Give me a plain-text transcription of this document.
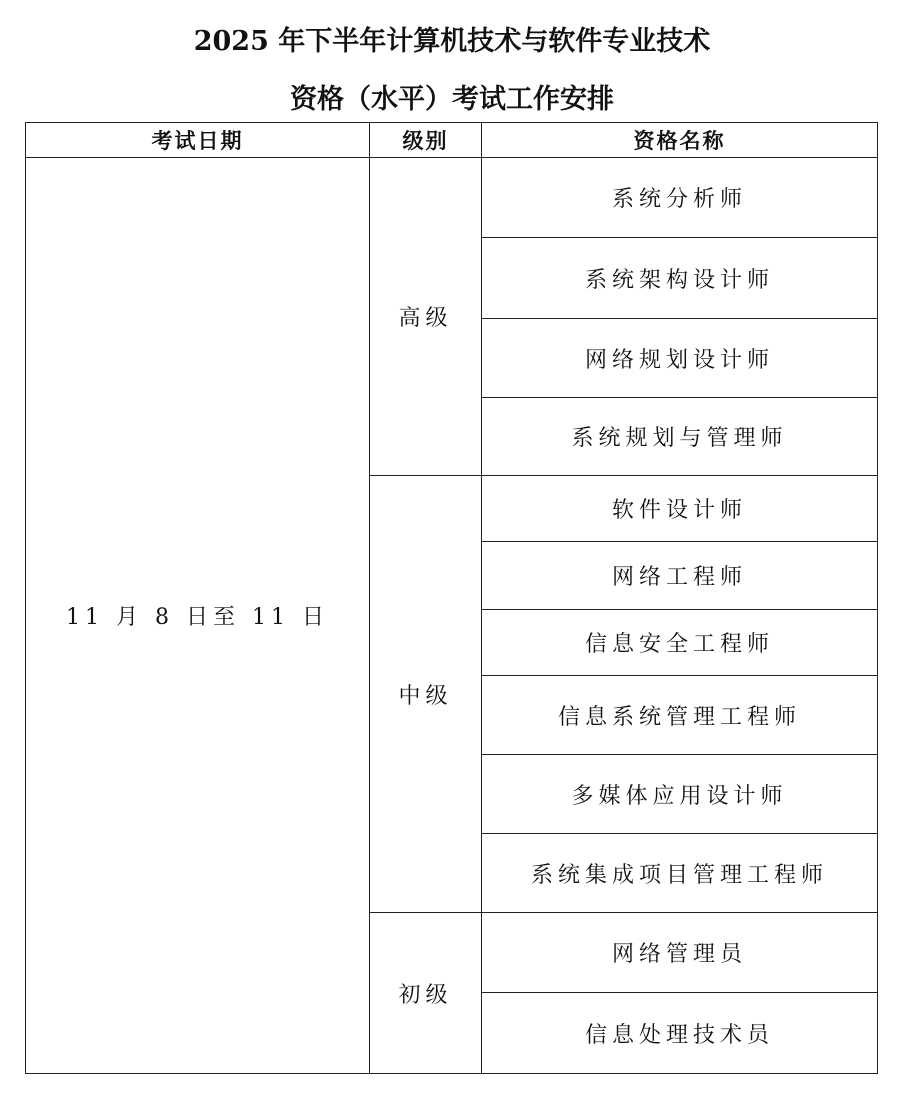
2025 年下半年计算机技术与软件专业技术
资格（水平）考试工作安排
考试日期	级别	资格名称
11 月 8 日至 11 日	高级	系统分析师
		系统架构设计师
		网络规划设计师
		系统规划与管理师
	中级	软件设计师
		网络工程师
		信息安全工程师
		信息系统管理工程师
		多媒体应用设计师
		系统集成项目管理工程师
	初级	网络管理员
		信息处理技术员
